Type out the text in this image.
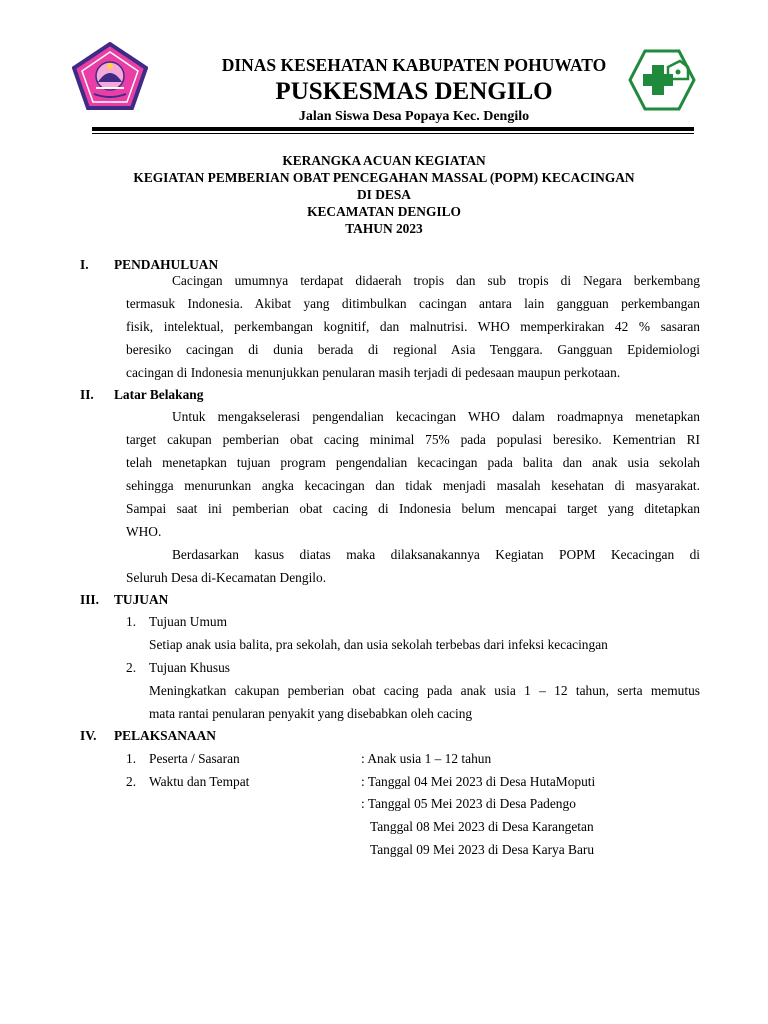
DINAS KESEHATAN KABUPATEN POHUWATO
PUSKESMAS DENGILO
Jalan Siswa Desa Popaya Kec. Dengilo
KERANGKA ACUAN KEGIATAN
KEGIATAN PEMBERIAN OBAT PENCEGAHAN MASSAL (POPM) KECACINGAN
DI DESA
KECAMATAN DENGILO
TAHUN 2023
I. PENDAHULUAN
Cacingan umumnya terdapat didaerah tropis dan sub tropis di Negara berkembang
termasuk Indonesia. Akibat yang ditimbulkan cacingan antara lain gangguan perkembangan
fisik, intelektual, perkembangan kognitif, dan malnutrisi. WHO memperkirakan 42 % sasaran
beresiko cacingan di dunia berada di regional Asia Tenggara. Gangguan Epidemiologi
cacingan di Indonesia menunjukkan penularan masih terjadi di pedesaan maupun perkotaan.
II. Latar Belakang
Untuk mengakselerasi pengendalian kecacingan WHO dalam roadmapnya menetapkan
target cakupan pemberian obat cacing minimal 75% pada populasi beresiko. Kementrian RI
telah menetapkan tujuan program pengendalian kecacingan pada balita dan anak usia sekolah
sehingga menurunkan angka kecacingan dan tidak menjadi masalah kesehatan di masyarakat.
Sampai saat ini pemberian obat cacing di Indonesia belum mencapai target yang ditetapkan
WHO.
Berdasarkan kasus diatas maka dilaksanakannya Kegiatan POPM Kecacingan di
Seluruh Desa di-Kecamatan Dengilo.
III. TUJUAN
1. Tujuan Umum
Setiap anak usia balita, pra sekolah, dan usia sekolah terbebas dari infeksi kecacingan
2. Tujuan Khusus
Meningkatkan cakupan pemberian obat cacing pada anak usia 1 – 12 tahun, serta memutus
mata rantai penularan penyakit yang disebabkan oleh cacing
IV. PELAKSANAAN
1. Peserta / Sasaran	: Anak usia 1 – 12 tahun
2. Waktu dan Tempat	: Tanggal 04 Mei 2023 di Desa HutaMoputi
: Tanggal 05 Mei 2023 di Desa Padengo
Tanggal 08 Mei 2023 di Desa Karangetan
Tanggal 09 Mei 2023 di Desa Karya Baru
